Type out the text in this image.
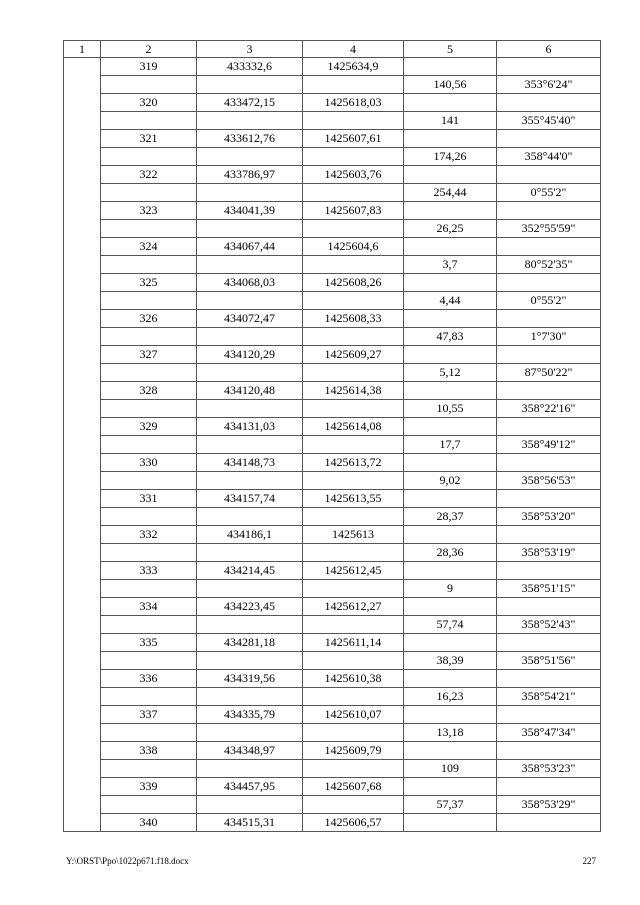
1	2	3	4	5	6
	319	433332,6	1425634,9		
				140,56	353°6'24"
	320	433472,15	1425618,03		
				141	355°45'40"
	321	433612,76	1425607,61		
				174,26	358°44'0"
	322	433786,97	1425603,76		
				254,44	0°55'2"
	323	434041,39	1425607,83		
				26,25	352°55'59"
	324	434067,44	1425604,6		
				3,7	80°52'35"
	325	434068,03	1425608,26		
				4,44	0°55'2"
	326	434072,47	1425608,33		
				47,83	1°7'30"
	327	434120,29	1425609,27		
				5,12	87°50'22"
	328	434120,48	1425614,38		
				10,55	358°22'16"
	329	434131,03	1425614,08		
				17,7	358°49'12"
	330	434148,73	1425613,72		
				9,02	358°56'53"
	331	434157,74	1425613,55		
				28,37	358°53'20"
	332	434186,1	1425613		
				28,36	358°53'19"
	333	434214,45	1425612,45		
				9	358°51'15"
	334	434223,45	1425612,27		
				57,74	358°52'43"
	335	434281,18	1425611,14		
				38,39	358°51'56"
	336	434319,56	1425610,38		
				16,23	358°54'21"
	337	434335,79	1425610,07		
				13,18	358°47'34"
	338	434348,97	1425609,79		
				109	358°53'23"
	339	434457,95	1425607,68		
				57,37	358°53'29"
	340	434515,31	1425606,57		
Y:\ORST\Ppo\1022p671.f18.docx	227
